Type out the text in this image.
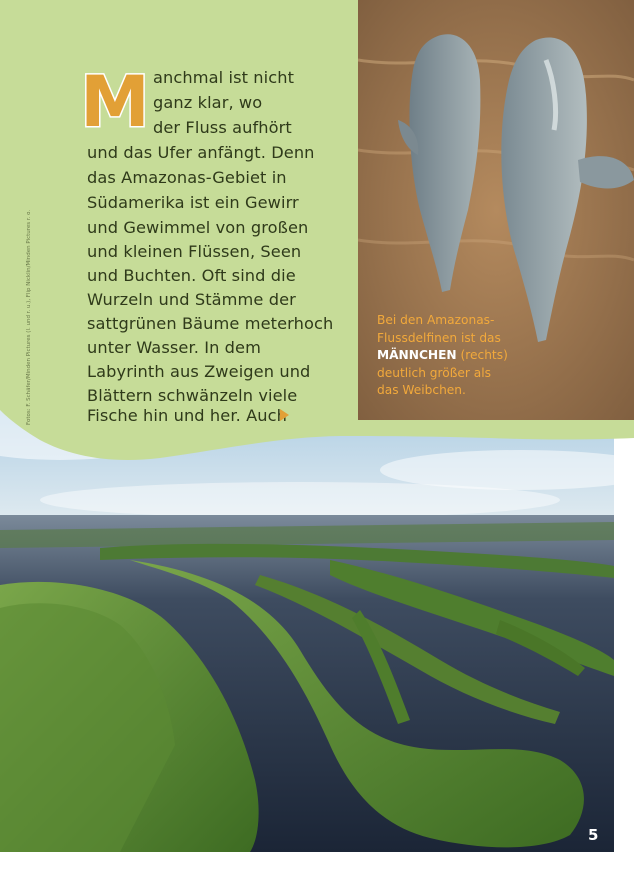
M anchmal ist nicht
ganz klar, wo
der Fluss aufhört
und das Ufer anfängt. Denn
das Amazonas-Gebiet in
Südamerika ist ein Gewirr
und Gewimmel von großen
und kleinen Flüssen, Seen
und Buchten. Oft sind die
Wurzeln und Stämme der
sattgrünen Bäume meterhoch
unter Wasser. In dem
Labyrinth aus Zweigen und
Blättern schwänzeln viele
Fische hin und her. Auch
Bei den Amazonas-
Flussdelfinen ist das
MÄNNCHEN (rechts)
deutlich größer als
das Weibchen.
Fotos: F. Schäfer/Minden Pictures (l. und r. u.), Flip Nicklin/Minden Pictures r. o.
5
